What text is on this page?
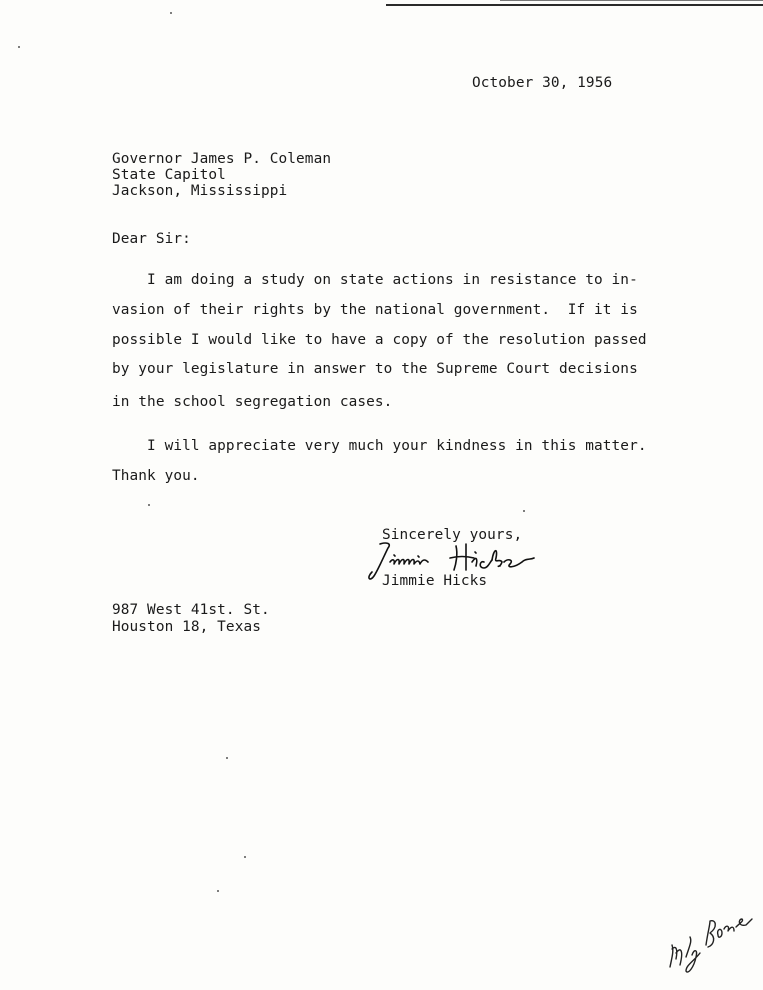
October 30, 1956
Governor James P. Coleman
State Capitol
Jackson, Mississippi
Dear Sir:
I am doing a study on state actions in resistance to in-
vasion of their rights by the national government.  If it is
possible I would like to have a copy of the resolution passed
by your legislature in answer to the Supreme Court decisions
in the school segregation cases.
I will appreciate very much your kindness in this matter.
Thank you.
Sincerely yours,
Jimmie Hicks
987 West 41st. St.
Houston 18, Texas
